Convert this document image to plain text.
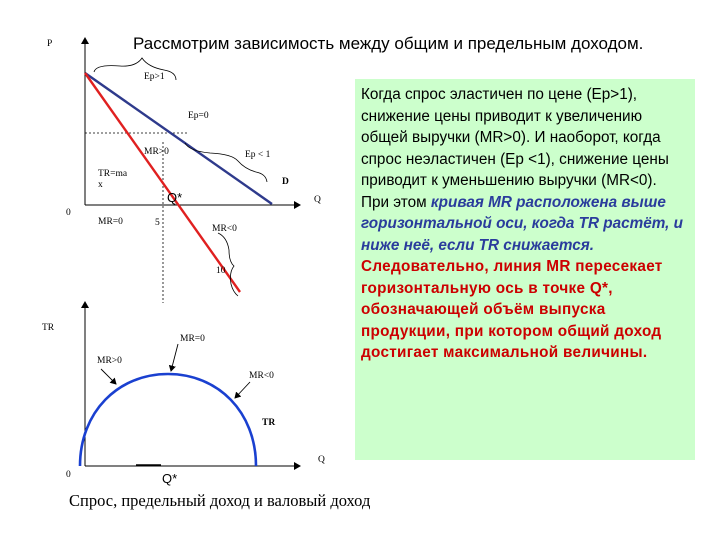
Рассмотрим зависимость между общим и предельным доходом.
P
Q
0
Ep>1
Ep=0
Ep < 1
MR>0
TR=ma
x	D
MR=0	5
MR<0
10
Q*
TR
Q
0
MR=0
MR>0
MR<0
TR
Q*
Когда спрос эластичен по цене (Ep>1), снижение цены приводит к увеличению общей выручки (MR>0). И наоборот, когда спрос неэластичен (Ep <1), снижение цены приводит к уменьшению выручки (MR<0).
При этом кривая MR расположена выше горизонтальной оси, когда TR растёт, и ниже неё, если TR снижается.
Следовательно, линия MR пересекает горизонтальную ось в точке Q*, обозначающей объём выпуска продукции, при котором общий доход достигает максимальной величины.
Спрос, предельный доход и валовый доход
